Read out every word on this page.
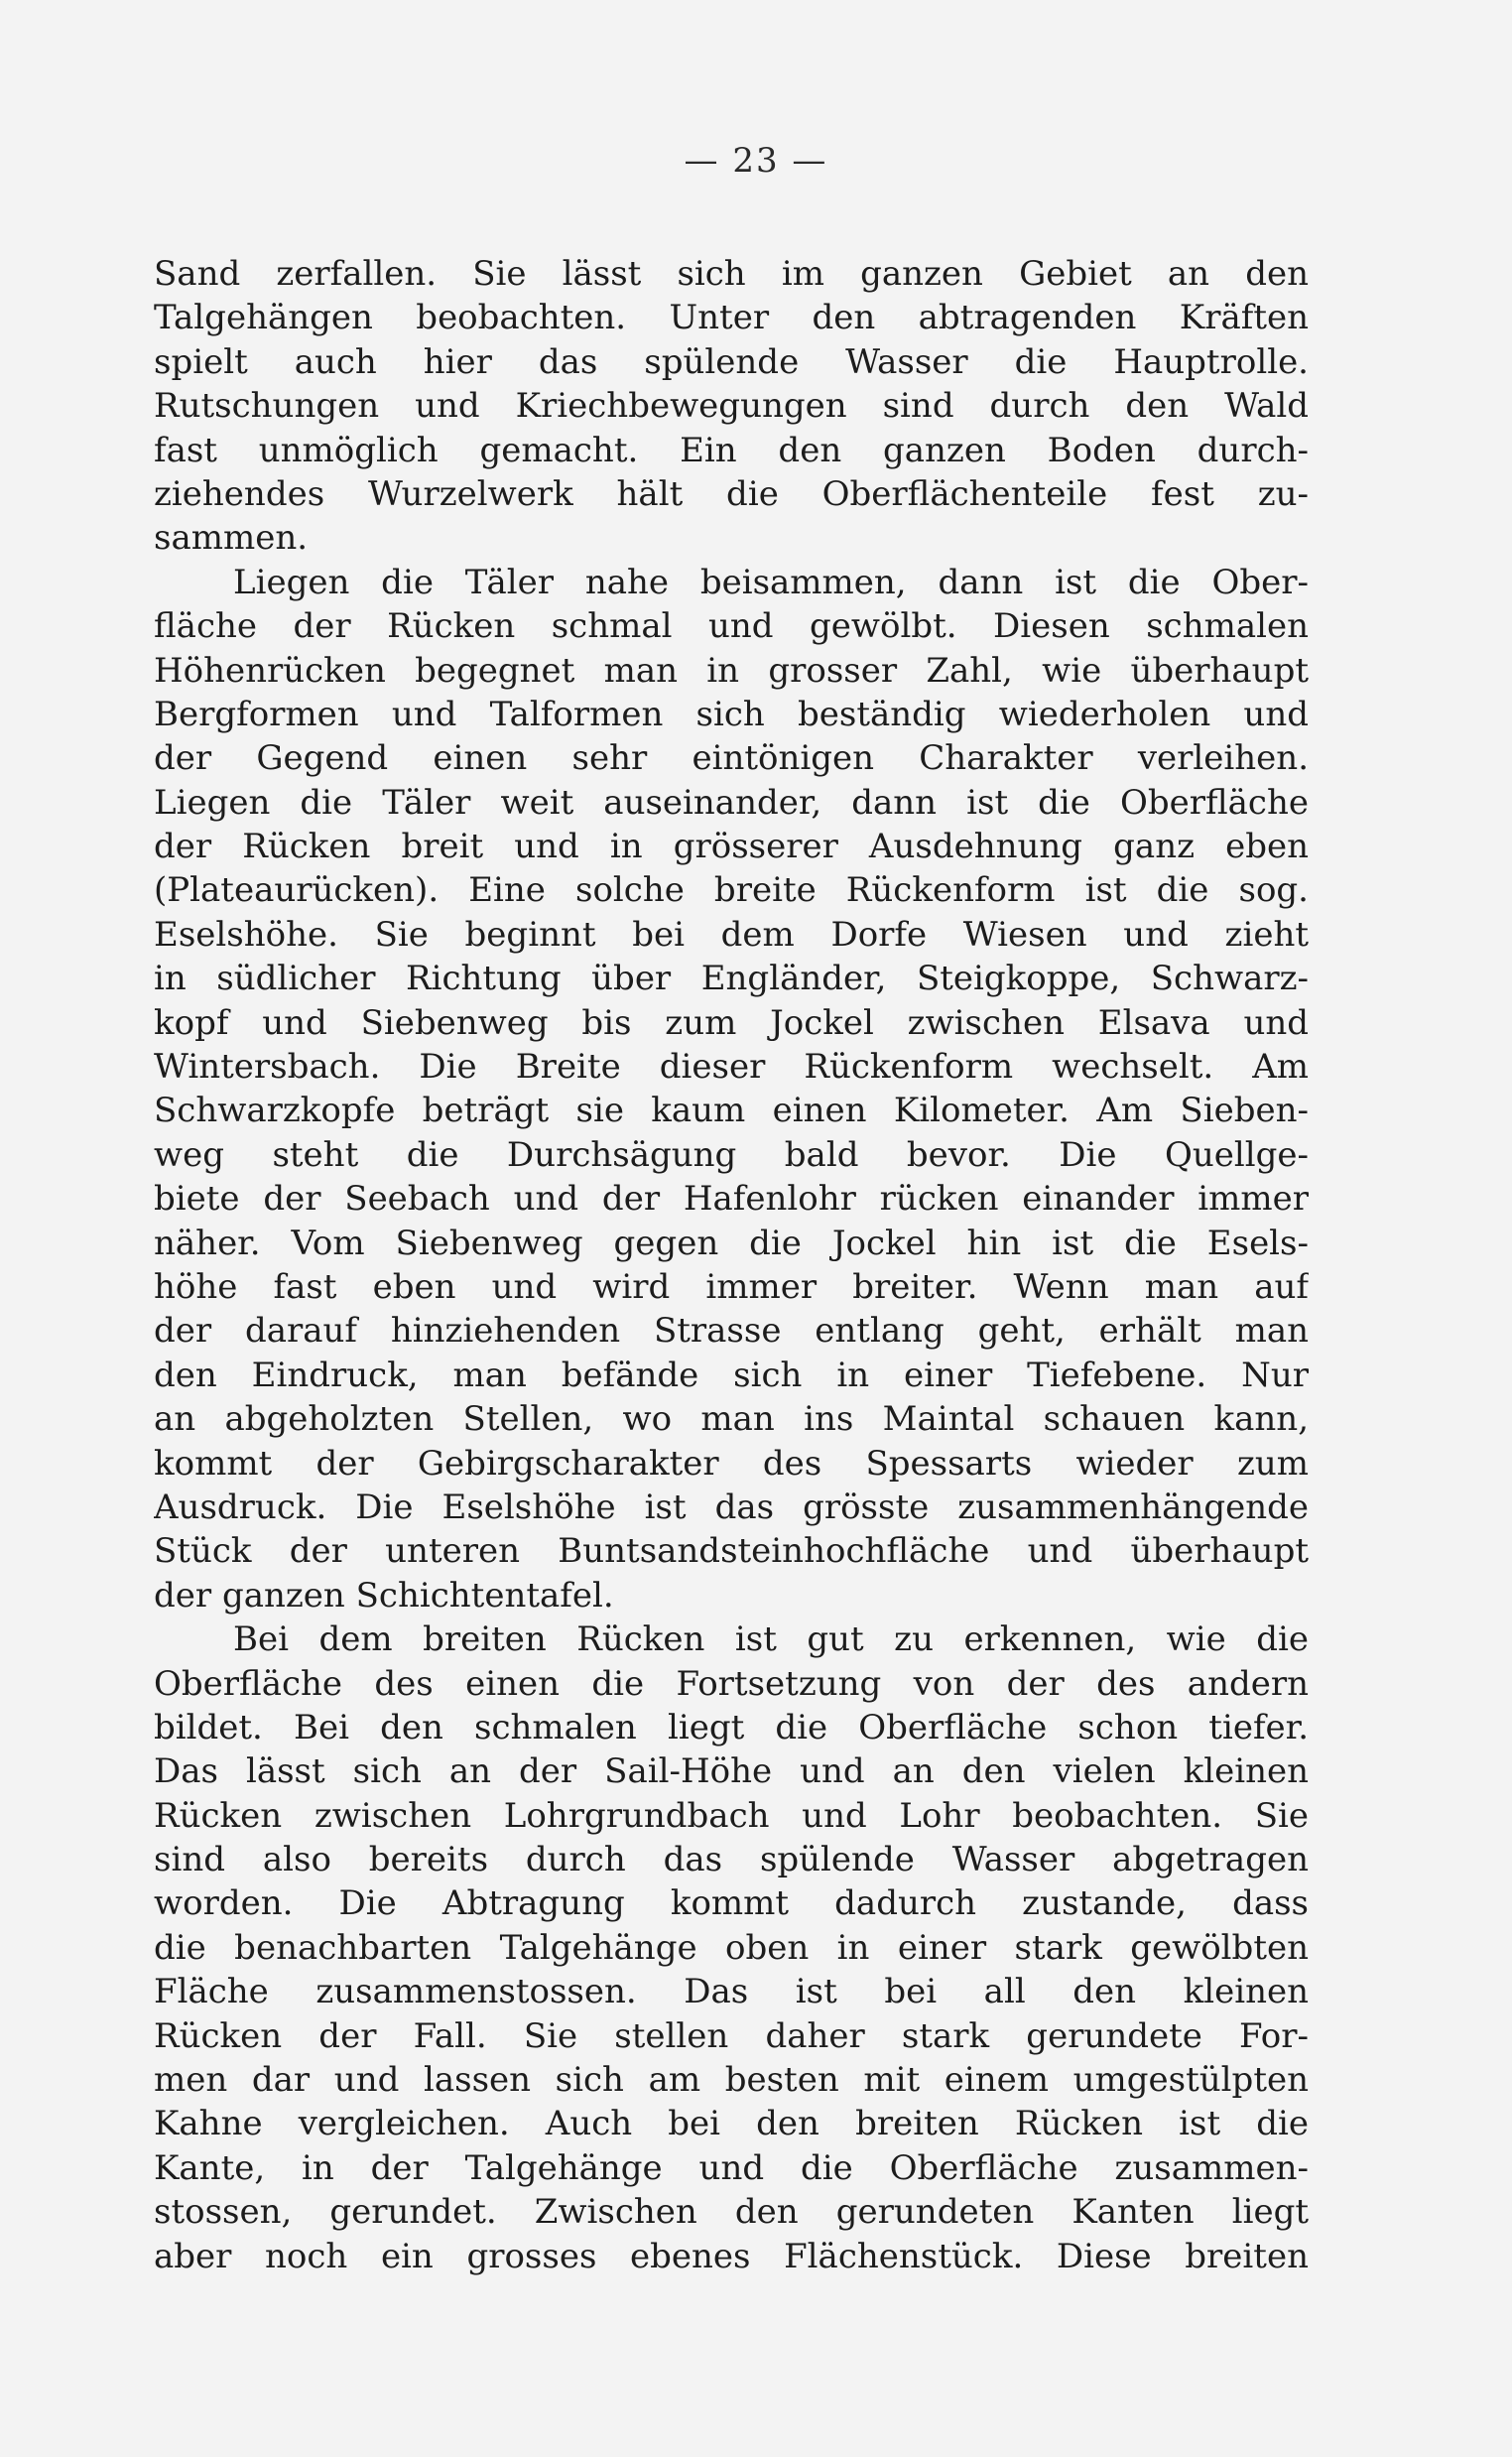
— 23 —
Sand zerfallen. Sie lässt sich im ganzen Gebiet an den
Talgehängen beobachten. Unter den abtragenden Kräften
spielt auch hier das spülende Wasser die Hauptrolle.
Rutschungen und Kriechbewegungen sind durch den Wald
fast unmöglich gemacht. Ein den ganzen Boden durch-
ziehendes Wurzelwerk hält die Oberflächenteile fest zu-
sammen.
Liegen die Täler nahe beisammen, dann ist die Ober-
fläche der Rücken schmal und gewölbt. Diesen schmalen
Höhenrücken begegnet man in grosser Zahl, wie überhaupt
Bergformen und Talformen sich beständig wiederholen und
der Gegend einen sehr eintönigen Charakter verleihen.
Liegen die Täler weit auseinander, dann ist die Oberfläche
der Rücken breit und in grösserer Ausdehnung ganz eben
(Plateaurücken). Eine solche breite Rückenform ist die sog.
Eselshöhe. Sie beginnt bei dem Dorfe Wiesen und zieht
in südlicher Richtung über Engländer, Steigkoppe, Schwarz-
kopf und Siebenweg bis zum Jockel zwischen Elsava und
Wintersbach. Die Breite dieser Rückenform wechselt. Am
Schwarzkopfe beträgt sie kaum einen Kilometer. Am Sieben-
weg steht die Durchsägung bald bevor. Die Quellge-
biete der Seebach und der Hafenlohr rücken einander immer
näher. Vom Siebenweg gegen die Jockel hin ist die Esels-
höhe fast eben und wird immer breiter. Wenn man auf
der darauf hinziehenden Strasse entlang geht, erhält man
den Eindruck, man befände sich in einer Tiefebene. Nur
an abgeholzten Stellen, wo man ins Maintal schauen kann,
kommt der Gebirgscharakter des Spessarts wieder zum
Ausdruck. Die Eselshöhe ist das grösste zusammenhängende
Stück der unteren Buntsandsteinhochfläche und überhaupt
der ganzen Schichtentafel.
Bei dem breiten Rücken ist gut zu erkennen, wie die
Oberfläche des einen die Fortsetzung von der des andern
bildet. Bei den schmalen liegt die Oberfläche schon tiefer.
Das lässt sich an der Sail-Höhe und an den vielen kleinen
Rücken zwischen Lohrgrundbach und Lohr beobachten. Sie
sind also bereits durch das spülende Wasser abgetragen
worden. Die Abtragung kommt dadurch zustande, dass
die benachbarten Talgehänge oben in einer stark gewölbten
Fläche zusammenstossen. Das ist bei all den kleinen
Rücken der Fall. Sie stellen daher stark gerundete For-
men dar und lassen sich am besten mit einem umgestülpten
Kahne vergleichen. Auch bei den breiten Rücken ist die
Kante, in der Talgehänge und die Oberfläche zusammen-
stossen, gerundet. Zwischen den gerundeten Kanten liegt
aber noch ein grosses ebenes Flächenstück. Diese breiten
